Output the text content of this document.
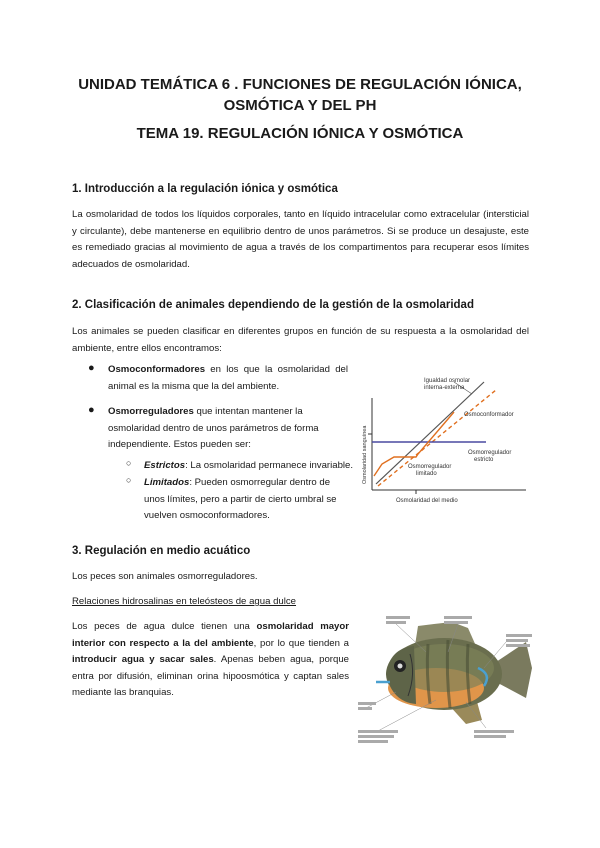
UNIDAD TEMÁTICA 6 . FUNCIONES DE REGULACIÓN IÓNICA,
OSMÓTICA Y DEL PH
TEMA 19. REGULACIÓN IÓNICA Y OSMÓTICA
1. Introducción a la regulación iónica y osmótica
La osmolaridad de todos los líquidos corporales, tanto en líquido intracelular como extracelular (intersticial y circulante), debe mantenerse en equilibrio dentro de unos parámetros. Si se produce un desajuste, este es remediado gracias al movimiento de agua a través de los compartimentos para recuperar esos límites adecuados de osmolaridad.
2. Clasificación de animales dependiendo de la gestión de la osmolaridad
Los animales se pueden clasificar en diferentes grupos en función de su respuesta a la osmolaridad del ambiente, entre ellos encontramos:
● Osmoconformadores en los que la osmolaridad del animal es la misma que la del ambiente.
● Osmorreguladores que intentan mantener la osmolaridad dentro de unos parámetros de forma independiente. Estos pueden ser:
○ Estrictos: La osmolaridad permanece invariable.
○ Limitados: Pueden osmorregular dentro de unos límites, pero a partir de cierto umbral se vuelven osmoconformadores.
Igualdad osmolar interna-externa
Osmoconformador
Osmorregulador estricto
Osmorregulador limitado
Osmolaridad del medio
Osmolaridad sanguínea
3. Regulación en medio acuático
Los peces son animales osmorreguladores.
Relaciones hidrosalinas en teleósteos de agua dulce
Los peces de agua dulce tienen una osmolaridad mayor interior con respecto a la del ambiente, por lo que tienden a introducir agua y sacar sales. Apenas beben agua, porque entra por difusión, eliminan orina hipoosmótica y captan sales mediante las branquias.
